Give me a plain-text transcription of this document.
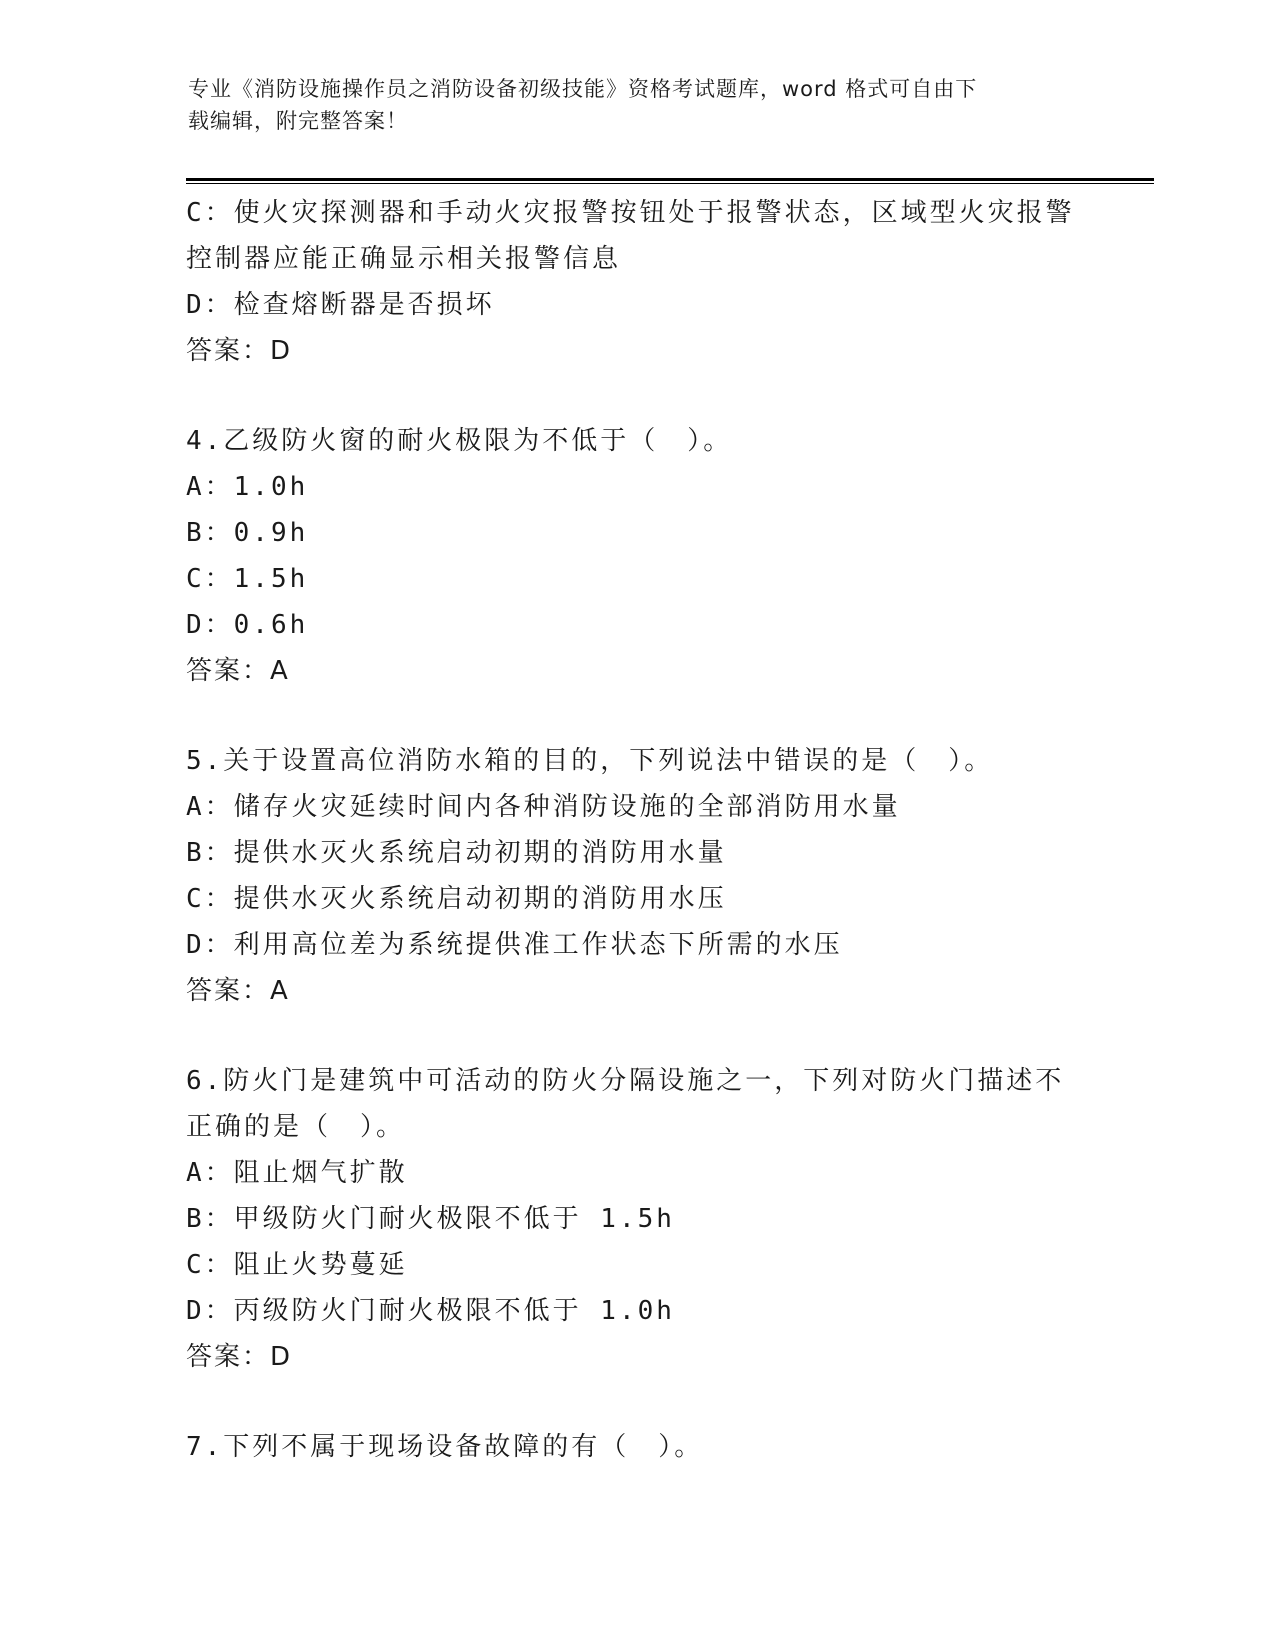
专业《消防设施操作员之消防设备初级技能》资格考试题库，word 格式可自由下
载编辑，附完整答案！
C：使火灾探测器和手动火灾报警按钮处于报警状态，区域型火灾报警
控制器应能正确显示相关报警信息
D：检查熔断器是否损坏
答案：D
4.乙级防火窗的耐火极限为不低于（　）。
A：1.0h
B：0.9h
C：1.5h
D：0.6h
答案：A
5.关于设置高位消防水箱的目的，下列说法中错误的是（　）。
A：储存火灾延续时间内各种消防设施的全部消防用水量
B：提供水灭火系统启动初期的消防用水量
C：提供水灭火系统启动初期的消防用水压
D：利用高位差为系统提供准工作状态下所需的水压
答案：A
6.防火门是建筑中可活动的防火分隔设施之一，下列对防火门描述不
正确的是（　）。
A：阻止烟气扩散
B：甲级防火门耐火极限不低于 1.5h
C：阻止火势蔓延
D：丙级防火门耐火极限不低于 1.0h
答案：D
7.下列不属于现场设备故障的有（　）。
